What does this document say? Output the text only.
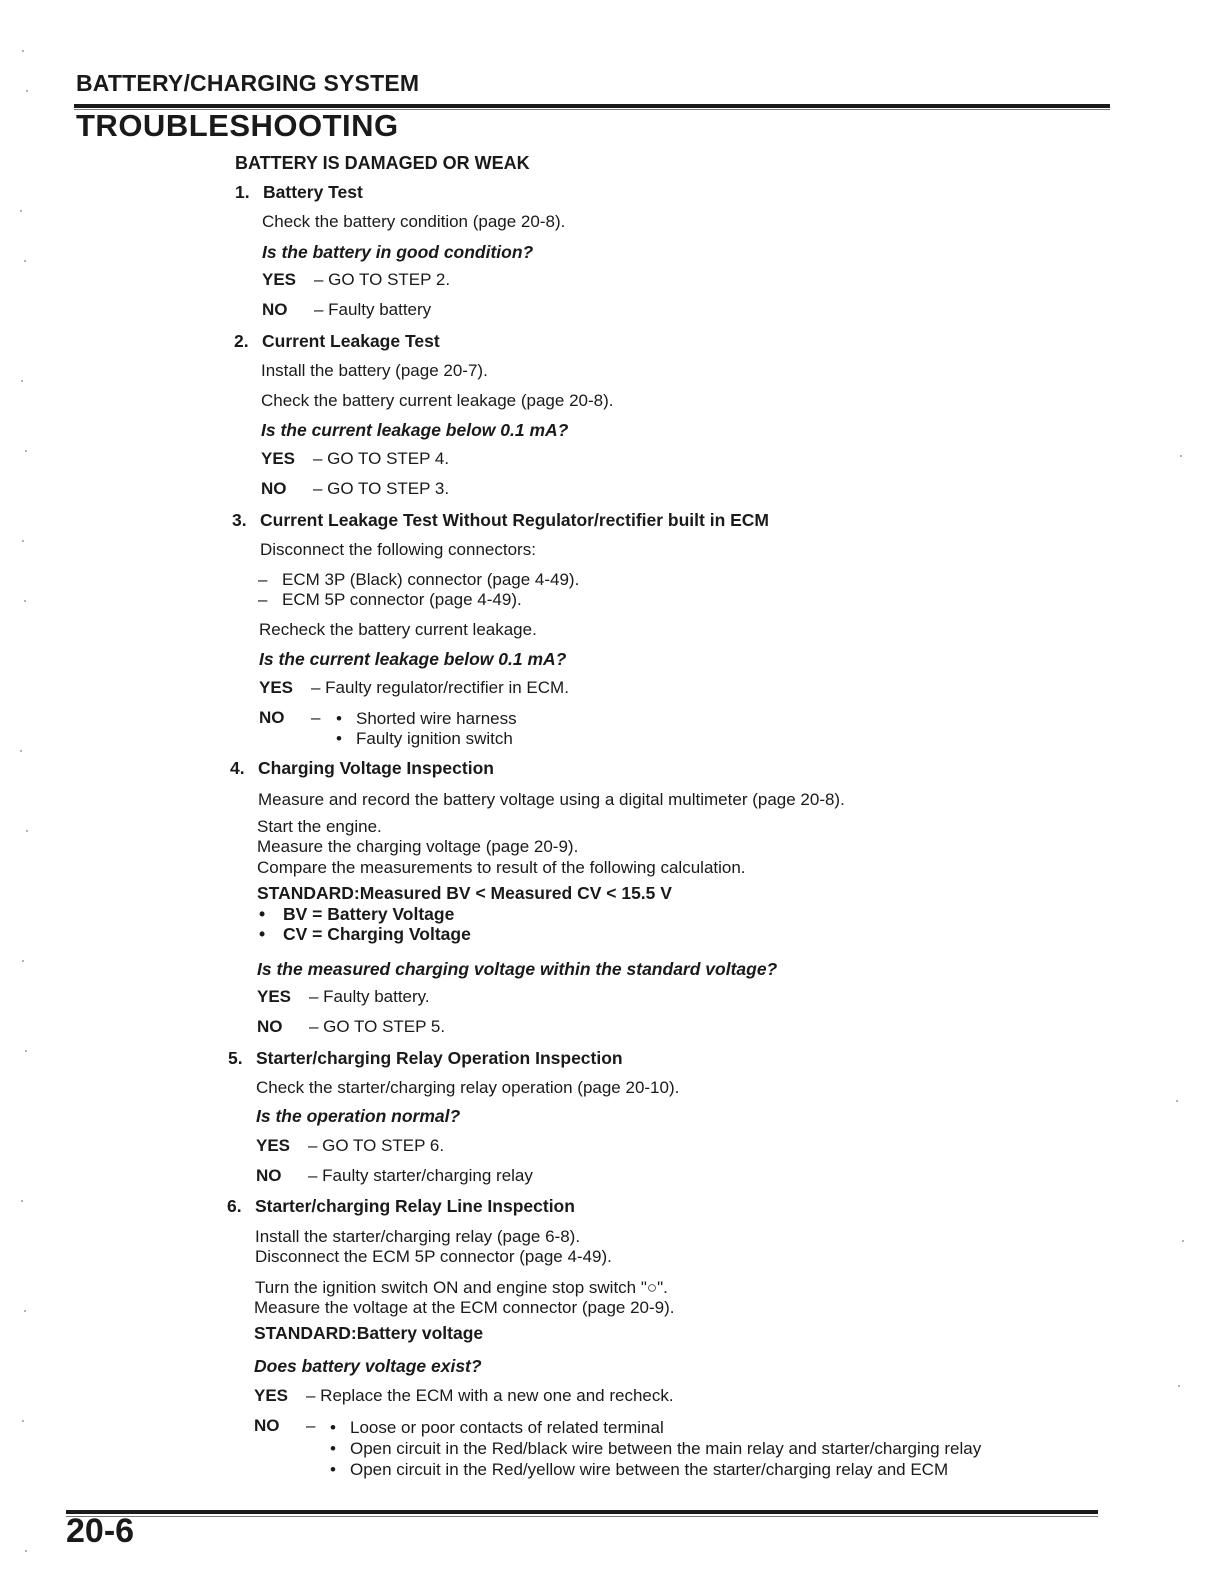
BATTERY/CHARGING SYSTEM
TROUBLESHOOTING
BATTERY IS DAMAGED OR WEAK
1. Battery Test
Check the battery condition (page 20-8).
Is the battery in good condition?
YES – GO TO STEP 2.
NO – Faulty battery
2. Current Leakage Test
Install the battery (page 20-7).
Check the battery current leakage (page 20-8).
Is the current leakage below 0.1 mA?
YES – GO TO STEP 4.
NO – GO TO STEP 3.
3. Current Leakage Test Without Regulator/rectifier built in ECM
Disconnect the following connectors:
– ECM 3P (Black) connector (page 4-49).
– ECM 5P connector (page 4-49).
Recheck the battery current leakage.
Is the current leakage below 0.1 mA?
YES – Faulty regulator/rectifier in ECM.
NO – • Shorted wire harness
• Faulty ignition switch
4. Charging Voltage Inspection
Measure and record the battery voltage using a digital multimeter (page 20-8).
Start the engine.
Measure the charging voltage (page 20-9).
Compare the measurements to result of the following calculation.
STANDARD:Measured BV < Measured CV < 15.5 V
• BV = Battery Voltage
• CV = Charging Voltage
Is the measured charging voltage within the standard voltage?
YES – Faulty battery.
NO – GO TO STEP 5.
5. Starter/charging Relay Operation Inspection
Check the starter/charging relay operation (page 20-10).
Is the operation normal?
YES – GO TO STEP 6.
NO – Faulty starter/charging relay
6. Starter/charging Relay Line Inspection
Install the starter/charging relay (page 6-8).
Disconnect the ECM 5P connector (page 4-49).
Turn the ignition switch ON and engine stop switch "○".
Measure the voltage at the ECM connector (page 20-9).
STANDARD:Battery voltage
Does battery voltage exist?
YES – Replace the ECM with a new one and recheck.
NO – • Loose or poor contacts of related terminal
• Open circuit in the Red/black wire between the main relay and starter/charging relay
• Open circuit in the Red/yellow wire between the starter/charging relay and ECM
20-6
